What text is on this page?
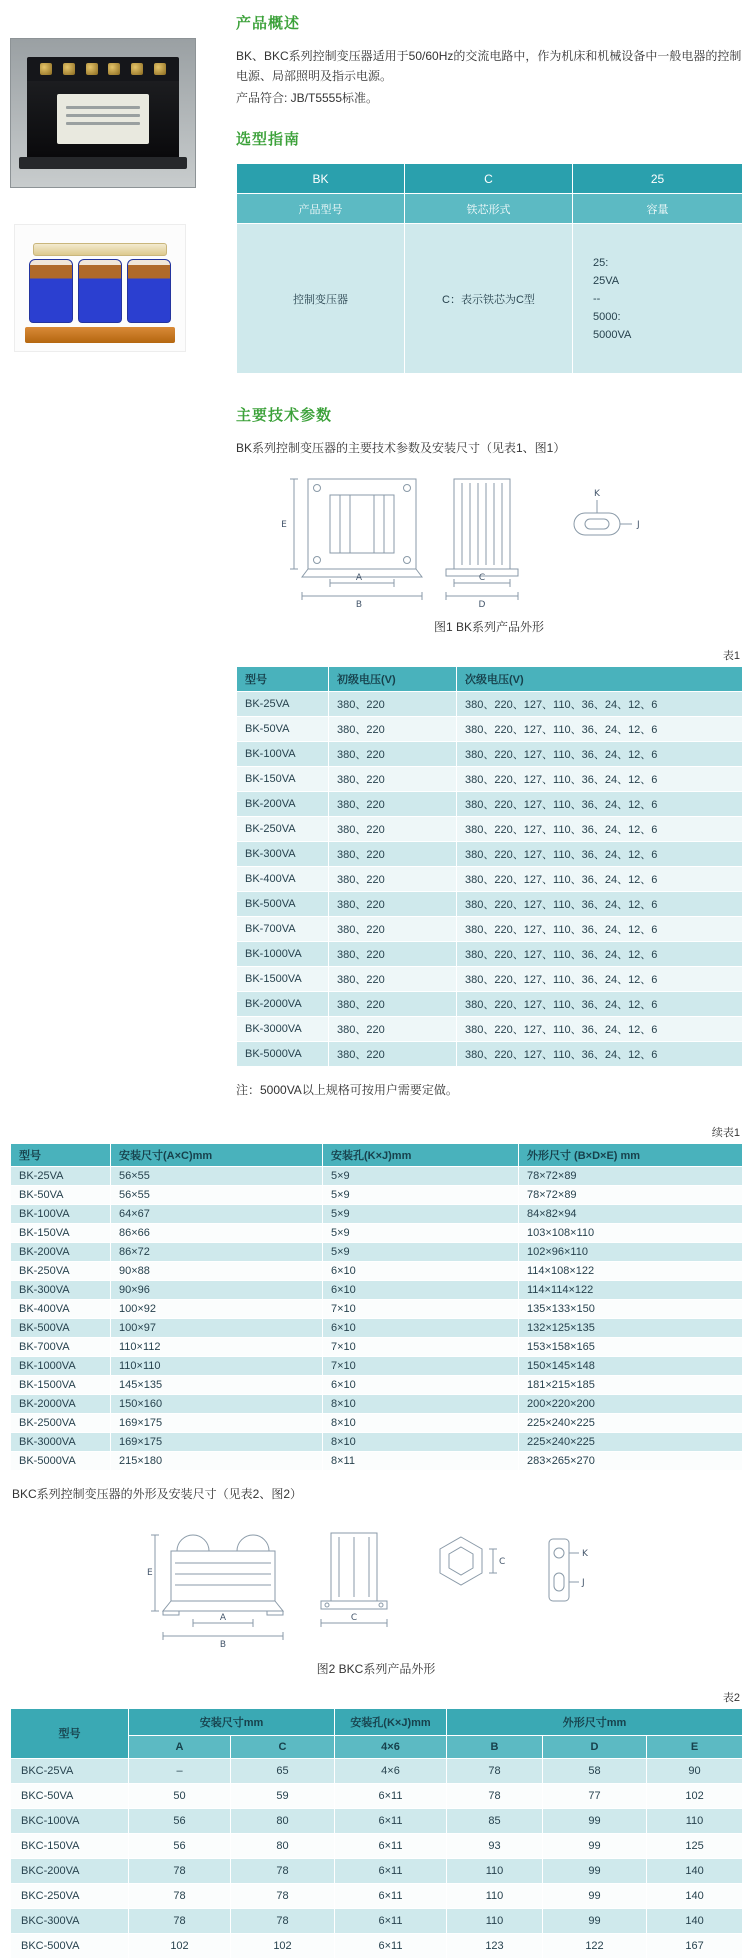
产品概述

BK、BKC系列控制变压器适用于50/60Hz的交流电路中，作为机床和机械设备中一般电器的控制电源、局部照明及指示电源。

产品符合: JB/T5555标准。

选型指南
BK	C	25
产品型号	铁芯形式	容量
控制变压器	C：表示铁芯为C型	25:
25VA
--
5000:
5000VA
主要技术参数

BK系列控制变压器的主要技术参数及安装尺寸（见表1、图1）

A
B
E
C
D
K
J
图1 BK系列产品外形
表1
型号	初级电压(V)	次级电压(V)
BK-25VA	380、220	380、220、127、110、36、24、12、6
BK-50VA	380、220	380、220、127、110、36、24、12、6
BK-100VA	380、220	380、220、127、110、36、24、12、6
BK-150VA	380、220	380、220、127、110、36、24、12、6
BK-200VA	380、220	380、220、127、110、36、24、12、6
BK-250VA	380、220	380、220、127、110、36、24、12、6
BK-300VA	380、220	380、220、127、110、36、24、12、6
BK-400VA	380、220	380、220、127、110、36、24、12、6
BK-500VA	380、220	380、220、127、110、36、24、12、6
BK-700VA	380、220	380、220、127、110、36、24、12、6
BK-1000VA	380、220	380、220、127、110、36、24、12、6
BK-1500VA	380、220	380、220、127、110、36、24、12、6
BK-2000VA	380、220	380、220、127、110、36、24、12、6
BK-3000VA	380、220	380、220、127、110、36、24、12、6
BK-5000VA	380、220	380、220、127、110、36、24、12、6

注：5000VA以上规格可按用户需要定做。

续表1
型号	安装尺寸(A×C)mm	安装孔(K×J)mm	外形尺寸 (B×D×E) mm
BK-25VA	56×55	5×9	78×72×89
BK-50VA	56×55	5×9	78×72×89
BK-100VA	64×67	5×9	84×82×94
BK-150VA	86×66	5×9	103×108×110
BK-200VA	86×72	5×9	102×96×110
BK-250VA	90×88	6×10	114×108×122
BK-300VA	90×96	6×10	114×114×122
BK-400VA	100×92	7×10	135×133×150
BK-500VA	100×97	6×10	132×125×135
BK-700VA	110×112	7×10	153×158×165
BK-1000VA	110×110	7×10	150×145×148
BK-1500VA	145×135	6×10	181×215×185
BK-2000VA	150×160	8×10	200×220×200
BK-2500VA	169×175	8×10	225×240×225
BK-3000VA	169×175	8×10	225×240×225
BK-5000VA	215×180	8×11	283×265×270

BKC系列控制变压器的外形及安装尺寸（见表2、图2）

A
B
E
C
C
K
J
图2 BKC系列产品外形
表2
型号	安装尺寸mm		安装孔(K×J)mm	外形尺寸mm		
	A	C	4×6	B	D	E
BKC-25VA	–	65	4×6	78	58	90
BKC-50VA	50	59	6×11	78	77	102
BKC-100VA	56	80	6×11	85	99	110
BKC-150VA	56	80	6×11	93	99	125
BKC-200VA	78	78	6×11	110	99	140
BKC-250VA	78	78	6×11	110	99	140
BKC-300VA	78	78	6×11	110	99	140
BKC-500VA	102	102	6×11	123	122	167
